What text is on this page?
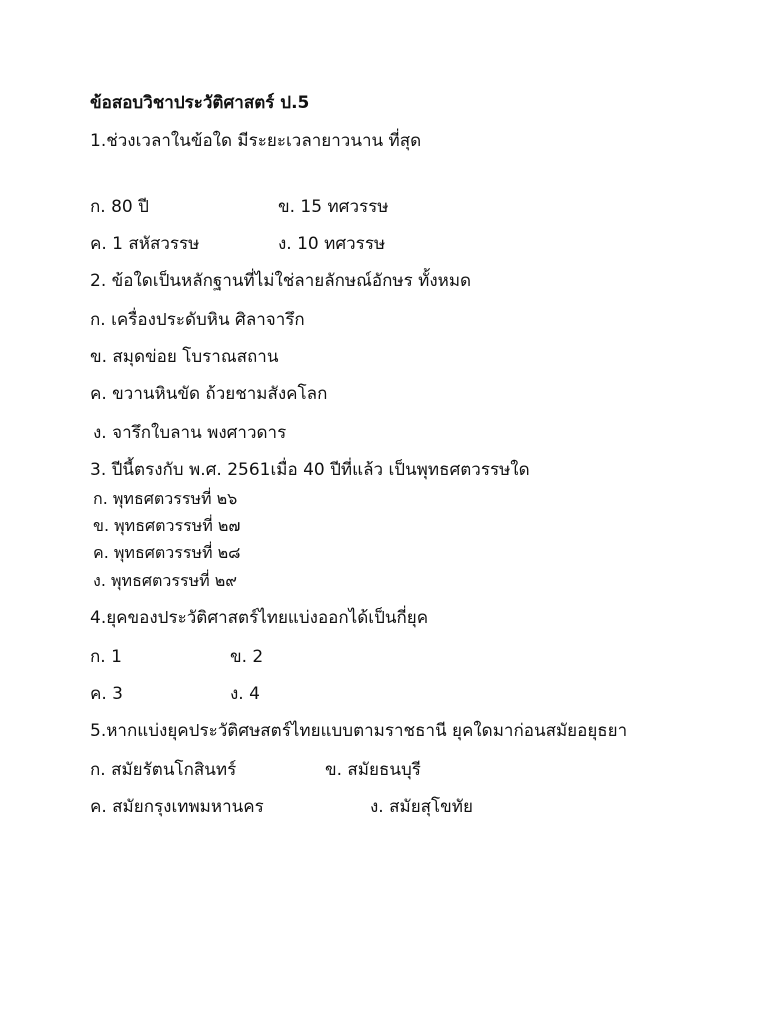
ข้อสอบวิชาประวัติศาสตร์ ป.5
1.ช่วงเวลาในข้อใด มีระยะเวลายาวนาน ที่สุด
ก. 80 ปี	ข. 15 ทศวรรษ
ค. 1 สหัสวรรษ	ง. 10 ทศวรรษ
2. ข้อใดเป็นหลักฐานที่ไม่ใช่ลายลักษณ์อักษร ทั้งหมด
ก. เครื่องประดับหิน ศิลาจารึก
ข. สมุดข่อย โบราณสถาน
ค. ขวานหินขัด ถ้วยชามสังคโลก
ง. จารึกใบลาน พงศาวดาร
3. ปีนี้ตรงกับ พ.ศ. 2561เมื่อ 40 ปีที่แล้ว เป็นพุทธศตวรรษใด
ก. พุทธศตวรรษที่ ๒๖
ข. พุทธศตวรรษที่ ๒๗
ค. พุทธศตวรรษที่ ๒๘
ง. พุทธศตวรรษที่ ๒๙
4.ยุคของประวัติศาสตร์ไทยแบ่งออกได้เป็นกี่ยุค
ก. 1	ข. 2
ค. 3	ง. 4
5.หากแบ่งยุคประวัติศษสตร์ไทยแบบตามราชธานี ยุคใดมาก่อนสมัยอยุธยา
ก. สมัยรัตนโกสินทร์	ข. สมัยธนบุรี
ค. สมัยกรุงเทพมหานคร	ง. สมัยสุโขทัย
